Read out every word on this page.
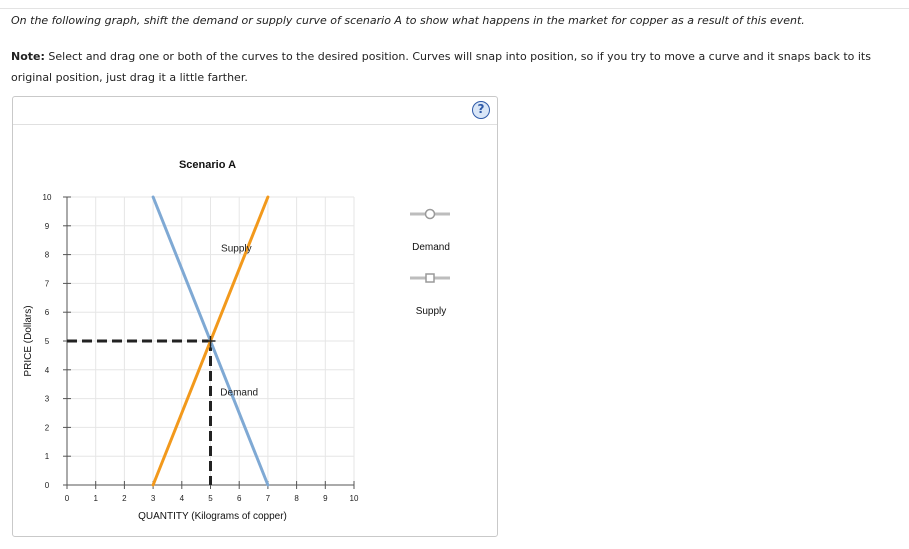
On the following graph, shift the demand or supply curve of scenario A to show what happens in the market for copper as a result of this event.
Note: Select and drag one or both of the curves to the desired position. Curves will snap into position, so if you try to move a curve and it snaps back to its original position, just drag it a little farther.
?
0	1	2	3	4	5	6	7	8	9	10
0
1
2
3
4
5
6
7
8
9
10
Scenario A
QUANTITY (Kilograms of copper)
PRICE (Dollars)
Supply
Demand
Demand
Supply
